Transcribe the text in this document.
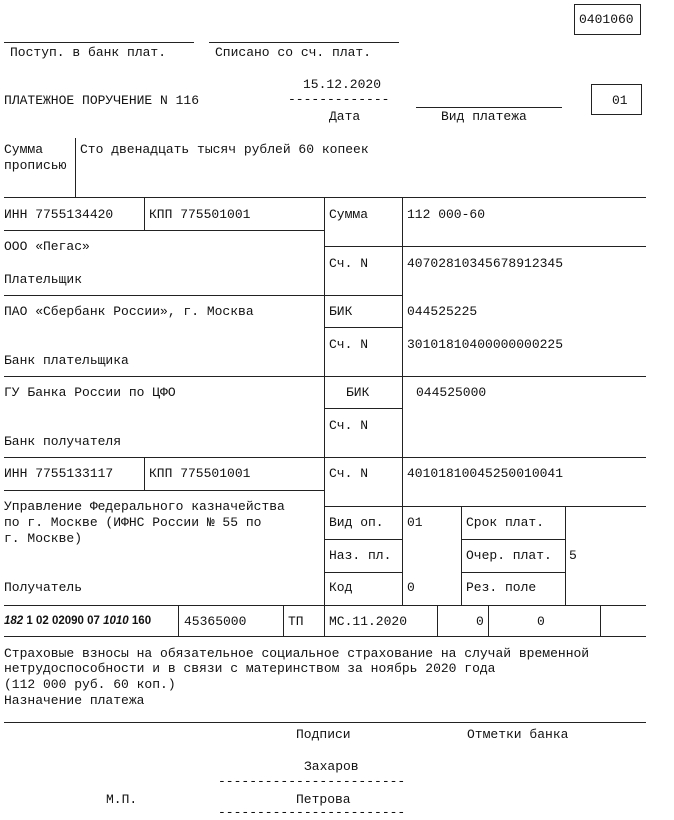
0401060
Поступ. в банк плат.	Списано со сч. плат.
15.12.2020
ПЛАТЕЖНОЕ ПОРУЧЕНИЕ N 116	-------------
Дата	Вид платежа
01
Сумма
прописью
Сто двенадцать тысяч рублей 60 копеек
ИНН 7755134420	КПП 775501001	Сумма	112 000-60
ООО «Пегас»
Сч. N	40702810345678912345
Плательщик
ПАО «Сбербанк России», г. Москва	БИК	044525225
Сч. N	30101810400000000225
Банк плательщика
ГУ Банка России по ЦФО	БИК	044525000
Сч. N
Банк получателя
ИНН 7755133117	КПП 775501001	Сч. N	40101810045250010041
Управление Федерального казначейства
по г. Москве (ИФНС России № 55 по
г. Москве)
Получатель
Вид оп. 01	Срок плат.
Наз. пл.	Очер. плат. 5
Код	0	Рез. поле
182 1 02 02090 07 1010 160	45365000	ТП МС.11.2020	0	0
Страховые взносы на обязательное социальное страхование на случай временной
нетрудоспособности и в связи с материнством за ноябрь 2020 года
(112 000 руб. 60 коп.)
Назначение платежа
Подписи	Отметки банка
Захаров
------------------------
М.П.	Петрова
------------------------
